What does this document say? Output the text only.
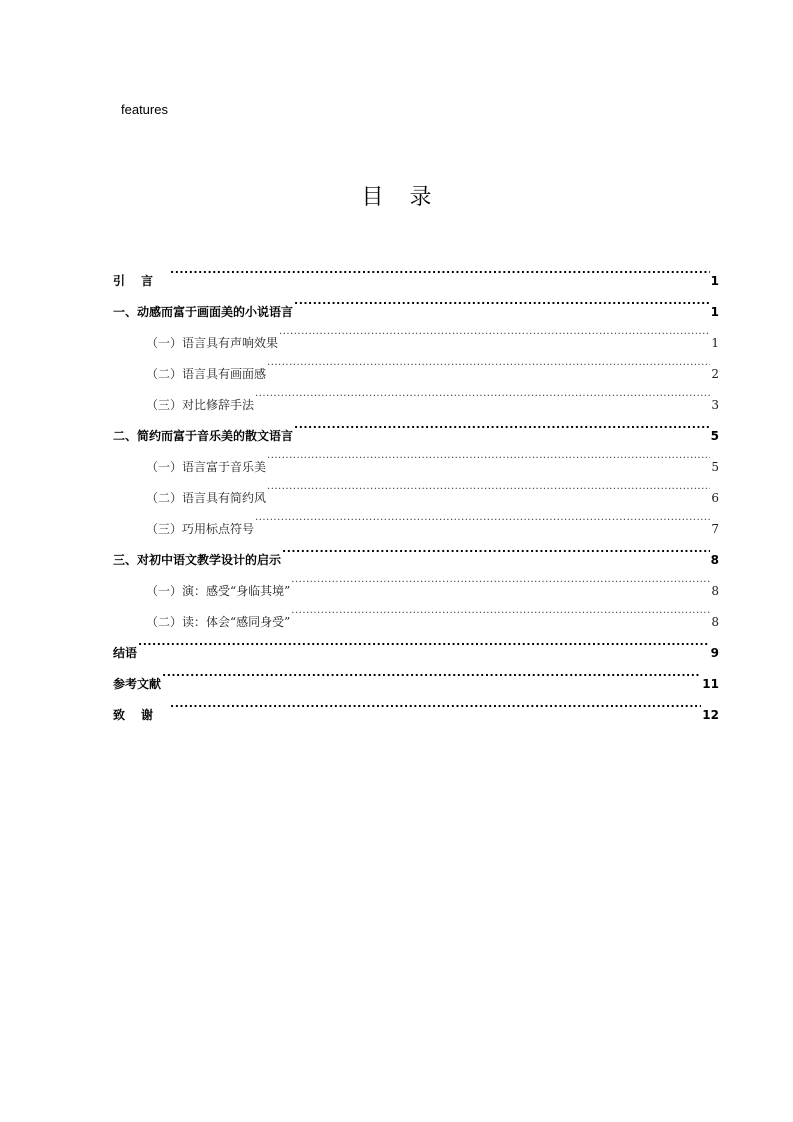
features
目录
引言 .....	1
一、动感而富于画面美的小说语言 .....	1
（一）语言具有声响效果 .....	1
（二）语言具有画面感 .....	2
（三）对比修辞手法 .....	3
二、简约而富于音乐美的散文语言 .....	5
（一）语言富于音乐美 .....	5
（二）语言具有简约风 .....	6
（三）巧用标点符号 .....	7
三、对初中语文教学设计的启示 .....	8
（一）演：感受“身临其境” .....	8
（二）读：体会“感同身受” .....	8
结语 .....	9
参考文献 .....	11
致谢 .....	12
